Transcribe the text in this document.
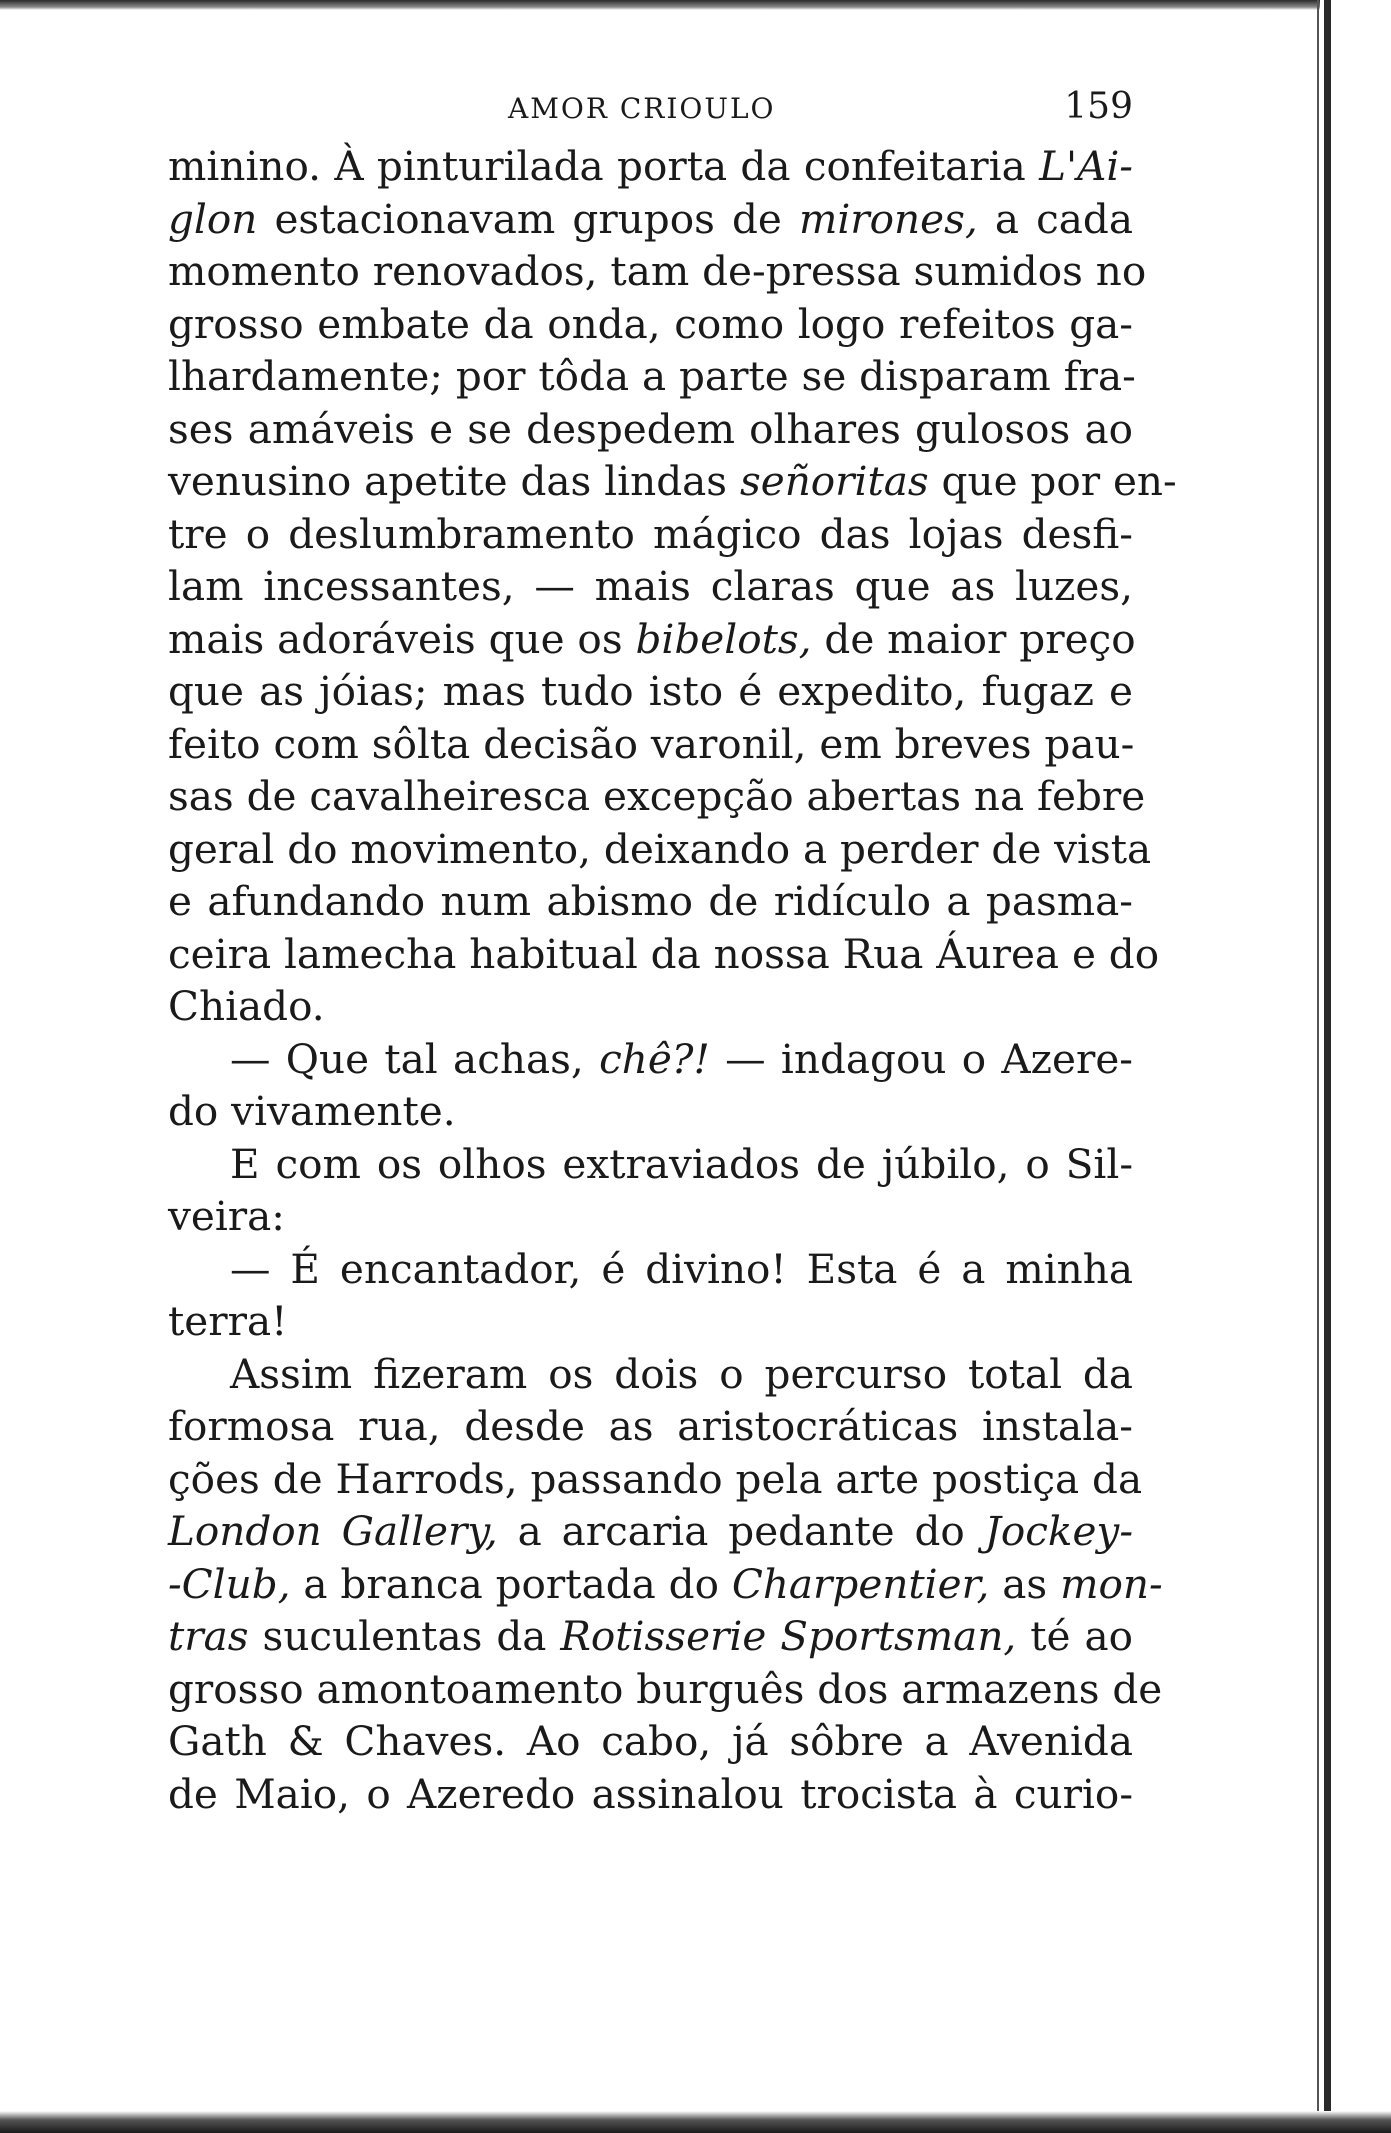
AMOR CRIOULO	159
minino. À pinturilada porta da confeitaria L'Ai-
glon estacionavam grupos de mirones, a cada
momento renovados, tam de-pressa sumidos no
grosso embate da onda, como logo refeitos ga-
lhardamente; por tôda a parte se disparam fra-
ses amáveis e se despedem olhares gulosos ao
venusino apetite das lindas señoritas que por en-
tre o deslumbramento mágico das lojas desfi-
lam incessantes, — mais claras que as luzes,
mais adoráveis que os bibelots, de maior preço
que as jóias; mas tudo isto é expedito, fugaz e
feito com sôlta decisão varonil, em breves pau-
sas de cavalheiresca excepção abertas na febre
geral do movimento, deixando a perder de vista
e afundando num abismo de ridículo a pasma-
ceira lamecha habitual da nossa Rua Áurea e do
Chiado.
— Que tal achas, chê?! — indagou o Azere-
do vivamente.
E com os olhos extraviados de júbilo, o Sil-
veira:
— É encantador, é divino! Esta é a minha
terra!
Assim fizeram os dois o percurso total da
formosa rua, desde as aristocráticas instala-
ções de Harrods, passando pela arte postiça da
London Gallery, a arcaria pedante do Jockey-
-Club, a branca portada do Charpentier, as mon-
tras suculentas da Rotisserie Sportsman, té ao
grosso amontoamento burguês dos armazens de
Gath & Chaves. Ao cabo, já sôbre a Avenida
de Maio, o Azeredo assinalou trocista à curio-
